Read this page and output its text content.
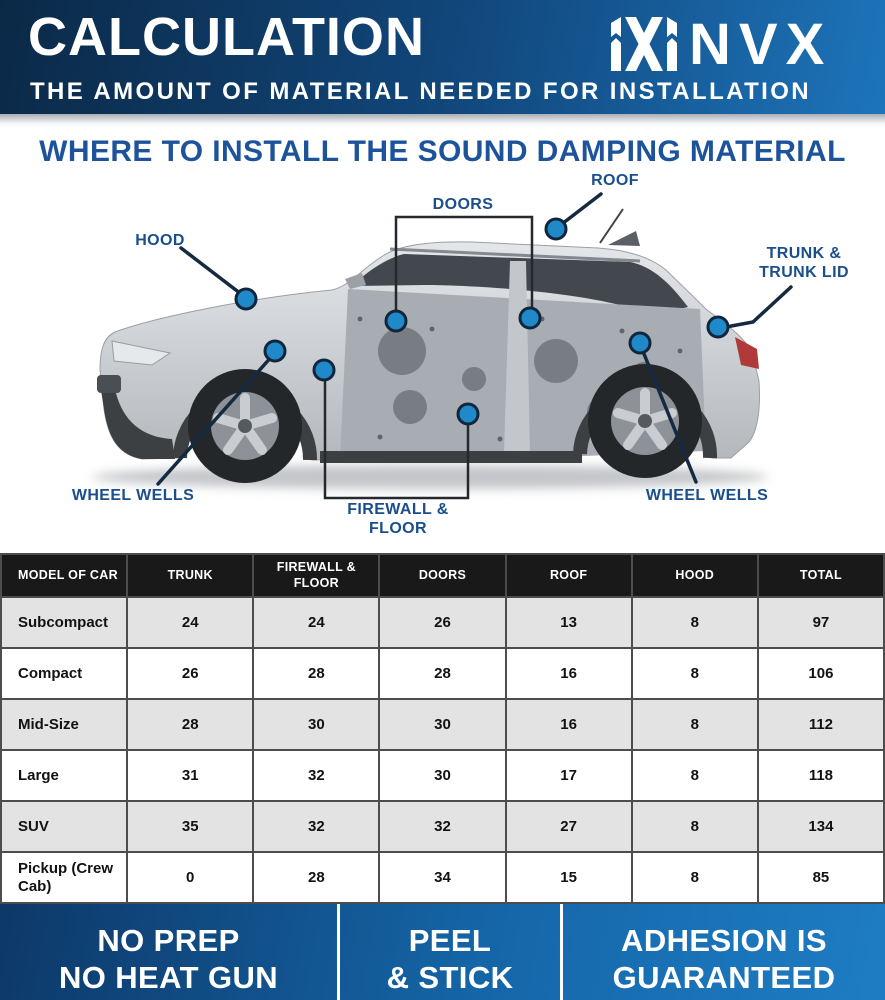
CALCULATION
THE AMOUNT OF MATERIAL NEEDED FOR INSTALLATION
NVX
WHERE TO INSTALL THE SOUND DAMPING MATERIAL
ROOF
DOORS
HOOD
TRUNK &
TRUNK LID
WHEEL WELLS
FIREWALL &
FLOOR
WHEEL WELLS
MODEL OF CAR	TRUNK	FIREWALL & FLOOR	DOORS	ROOF	HOOD	TOTAL
Subcompact	24	24	26	13	8	97
Compact	26	28	28	16	8	106
Mid-Size	28	30	30	16	8	112
Large	31	32	30	17	8	118
SUV	35	32	32	27	8	134
Pickup (Crew Cab)	0	28	34	15	8	85
NO PREP
NO HEAT GUN
PEEL
& STICK
ADHESION IS
GUARANTEED
